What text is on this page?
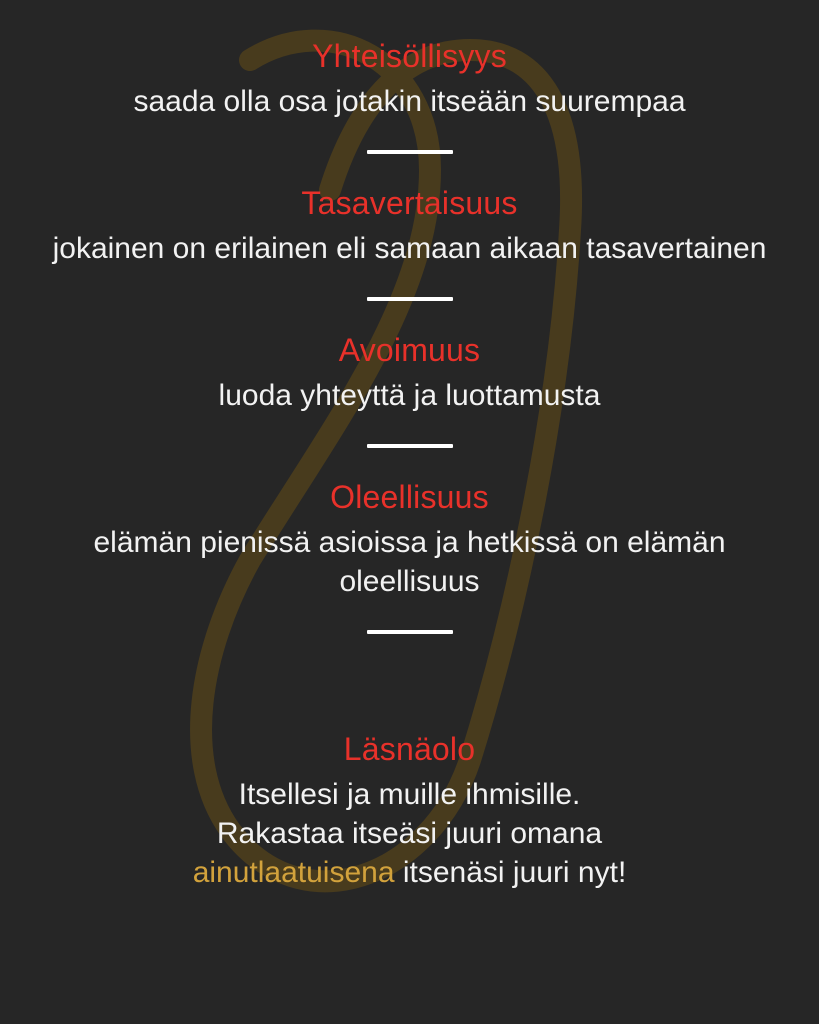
Yhteisöllisyys
saada olla osa jotakin itseään suurempaa
Tasavertaisuus
jokainen on erilainen eli samaan aikaan tasavertainen
Avoimuus
luoda yhteyttä ja luottamusta
Oleellisuus
elämän pienissä asioissa ja hetkissä on elämän
oleellisuus
Läsnäolo
Itsellesi ja muille ihmisille.
Rakastaa itseäsi juuri omana
ainutlaatuisena itsenäsi juuri nyt!
